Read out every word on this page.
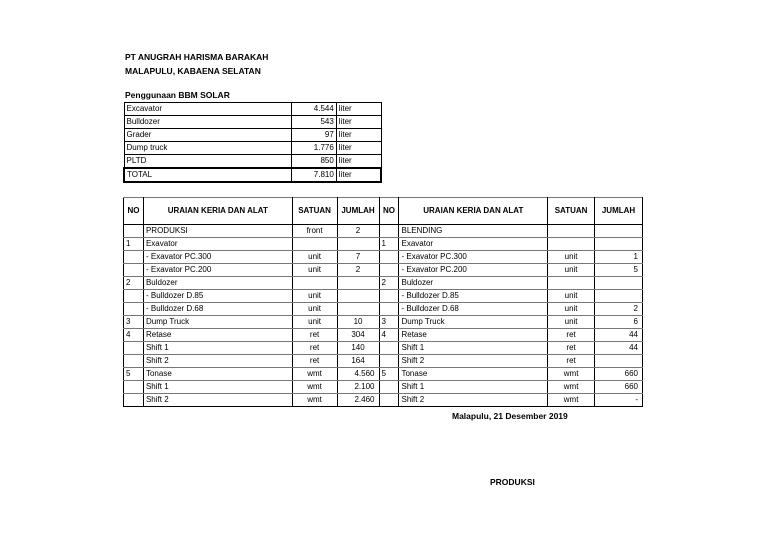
PT ANUGRAH HARISMA BARAKAH
MALAPULU, KABAENA SELATAN
Penggunaan BBM SOLAR
Excavator	4.544	liter
Bulldozer	543	liter
Grader	97	liter
Dump truck	1.776	liter
PLTD	850	liter
TOTAL	7.810	liter
NO	URAIAN KERIA DAN ALAT	SATUAN	JUMLAH	NO	URAIAN KERIA DAN ALAT	SATUAN	JUMLAH
	PRODUKSI	front	2		BLENDING		
1	Exavator			1	Exavator		
	- Exavator PC.300	unit	7		- Exavator PC.300	unit	1
	- Exavator PC.200	unit	2		- Exavator PC.200	unit	5
2	Buldozer			2	Buldozer		
	- Bulldozer D.85	unit			- Bulldozer D.85	unit	
	- Bulldozer D.68	unit			- Bulldozer D.68	unit	2
3	Dump Truck	unit	10	3	Dump Truck	unit	6
4	Retase	ret	304	4	Retase	ret	44
	Shift 1	ret	140		Shift 1	ret	44
	Shift 2	ret	164		Shift 2	ret	
5	Tonase	wmt	4.560	5	Tonase	wmt	660
	Shift 1	wmt	2.100		Shift 1	wmt	660
	Shift 2	wmt	2.460		Shift 2	wmt	-
Malapulu, 21 Desember 2019
PRODUKSI
